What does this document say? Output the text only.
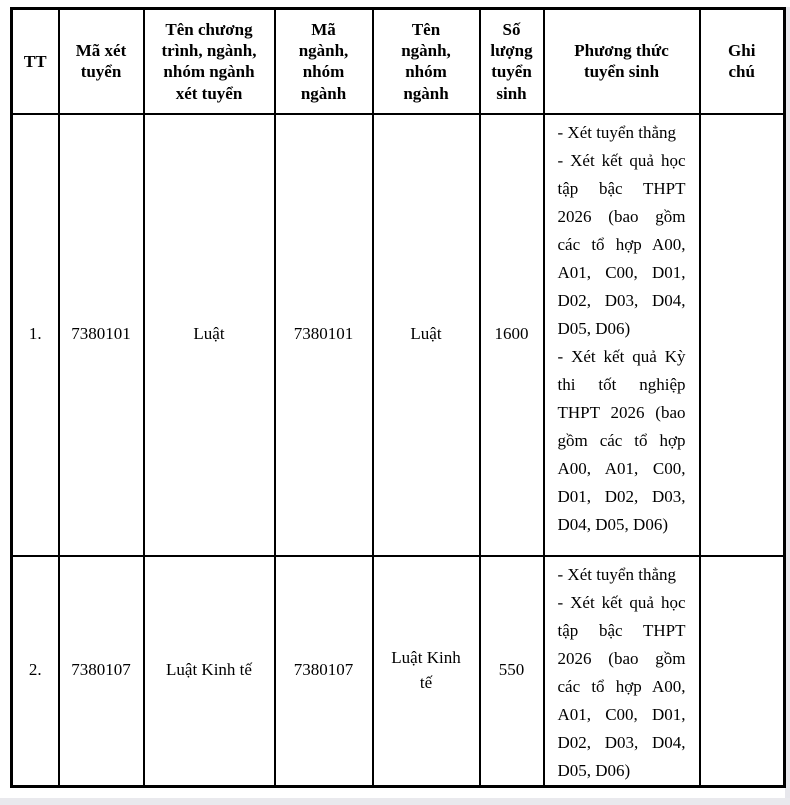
TT	Mã xét tuyển	Tên chương trình, ngành, nhóm ngành xét tuyển	Mã ngành, nhóm ngành	Tên ngành, nhóm ngành	Số lượng tuyển sinh	Phương thức tuyển sinh	Ghi chú
1.	7380101	Luật	7380101	Luật	1600	- Xét tuyển thẳng
- Xét kết quả học tập bậc THPT 2026 (bao gồm các tổ hợp A00, A01, C00, D01, D02, D03, D04, D05, D06)
- Xét kết quả Kỳ thi tốt nghiệp THPT 2026 (bao gồm các tổ hợp A00, A01, C00, D01, D02, D03, D04, D05, D06)	

2.	7380107	Luật Kinh tế	7380107	Luật Kinh tế	550	- Xét tuyển thẳng
- Xét kết quả học tập bậc THPT 2026 (bao gồm các tổ hợp A00, A01, C00, D01, D02, D03, D04, D05, D06)	
